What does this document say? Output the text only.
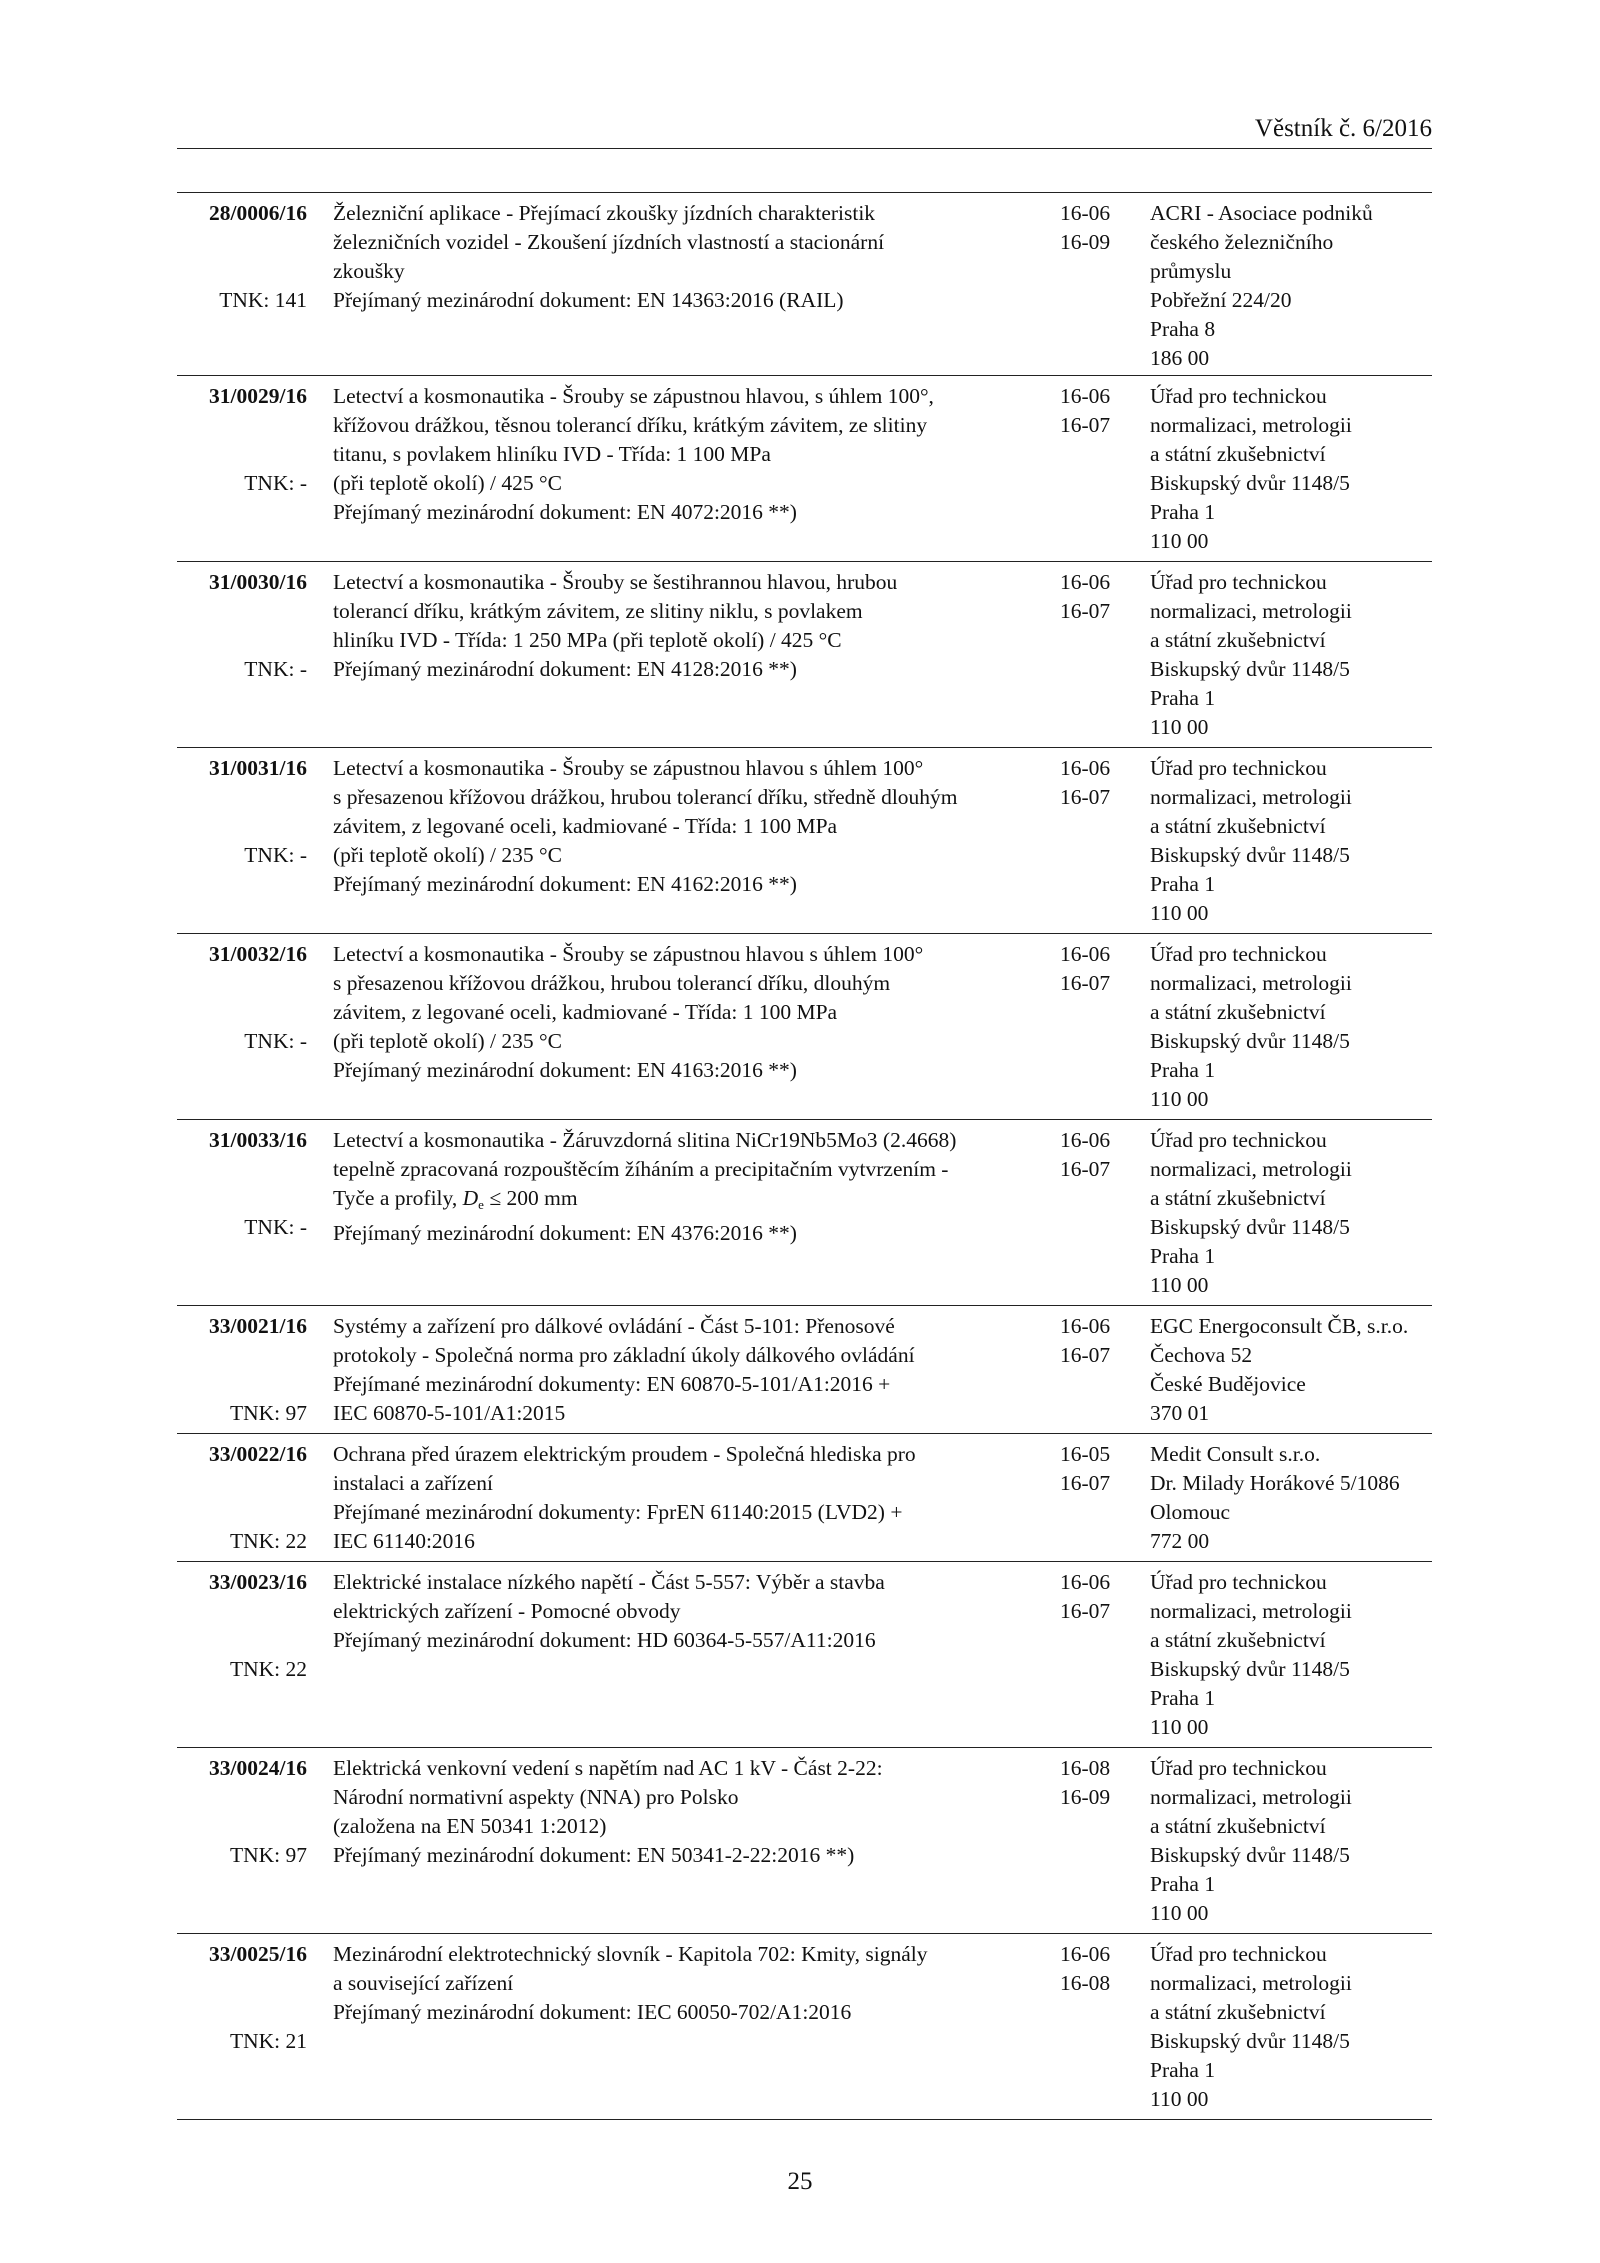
Věstník č. 6/2016
28/0006/16
TNK: 141
Železniční aplikace - Přejímací zkoušky jízdních charakteristik
železničních vozidel - Zkoušení jízdních vlastností a stacionární
zkoušky
Přejímaný mezinárodní dokument: EN 14363:2016 (RAIL)
16-06
16-09
ACRI - Asociace podniků
českého železničního
průmyslu
Pobřežní 224/20
Praha 8
186 00
31/0029/16
TNK: -
Letectví a kosmonautika - Šrouby se zápustnou hlavou, s úhlem 100°,
křížovou drážkou, těsnou tolerancí dříku, krátkým závitem, ze slitiny
titanu, s povlakem hliníku IVD - Třída: 1 100 MPa
(při teplotě okolí) / 425 °C
Přejímaný mezinárodní dokument: EN 4072:2016 **)
16-06
16-07
Úřad pro technickou
normalizaci, metrologii
a státní zkušebnictví
Biskupský dvůr 1148/5
Praha 1
110 00
31/0030/16
TNK: -
Letectví a kosmonautika - Šrouby se šestihrannou hlavou, hrubou
tolerancí dříku, krátkým závitem, ze slitiny niklu, s povlakem
hliníku IVD - Třída: 1 250 MPa (při teplotě okolí) / 425 °C
Přejímaný mezinárodní dokument: EN 4128:2016 **)
16-06
16-07
Úřad pro technickou
normalizaci, metrologii
a státní zkušebnictví
Biskupský dvůr 1148/5
Praha 1
110 00
31/0031/16
TNK: -
Letectví a kosmonautika - Šrouby se zápustnou hlavou s úhlem 100°
s přesazenou křížovou drážkou, hrubou tolerancí dříku, středně dlouhým
závitem, z legované oceli, kadmiované - Třída: 1 100 MPa
(při teplotě okolí) / 235 °C
Přejímaný mezinárodní dokument: EN 4162:2016 **)
16-06
16-07
Úřad pro technickou
normalizaci, metrologii
a státní zkušebnictví
Biskupský dvůr 1148/5
Praha 1
110 00
31/0032/16
TNK: -
Letectví a kosmonautika - Šrouby se zápustnou hlavou s úhlem 100°
s přesazenou křížovou drážkou, hrubou tolerancí dříku, dlouhým
závitem, z legované oceli, kadmiované - Třída: 1 100 MPa
(při teplotě okolí) / 235 °C
Přejímaný mezinárodní dokument: EN 4163:2016 **)
16-06
16-07
Úřad pro technickou
normalizaci, metrologii
a státní zkušebnictví
Biskupský dvůr 1148/5
Praha 1
110 00
31/0033/16
TNK: -
Letectví a kosmonautika - Žáruvzdorná slitina NiCr19Nb5Mo3 (2.4668)
tepelně zpracovaná rozpouštěcím žíháním a precipitačním vytvrzením -
Tyče a profily, $D_e \le 200$ mm
Přejímaný mezinárodní dokument: EN 4376:2016 **)
16-06
16-07
Úřad pro technickou
normalizaci, metrologii
a státní zkušebnictví
Biskupský dvůr 1148/5
Praha 1
110 00
33/0021/16
TNK: 97
Systémy a zařízení pro dálkové ovládání - Část 5-101: Přenosové
protokoly - Společná norma pro základní úkoly dálkového ovládání
Přejímané mezinárodní dokumenty: EN 60870-5-101/A1:2016 +
IEC 60870-5-101/A1:2015
16-06
16-07
EGC Energoconsult ČB, s.r.o.
Čechova 52
České Budějovice
370 01
33/0022/16
TNK: 22
Ochrana před úrazem elektrickým proudem - Společná hlediska pro
instalaci a zařízení
Přejímané mezinárodní dokumenty: FprEN 61140:2015 (LVD2) +
IEC 61140:2016
16-05
16-07
Medit Consult s.r.o.
Dr. Milady Horákové 5/1086
Olomouc
772 00
33/0023/16
TNK: 22
Elektrické instalace nízkého napětí - Část 5-557: Výběr a stavba
elektrických zařízení - Pomocné obvody
Přejímaný mezinárodní dokument: HD 60364-5-557/A11:2016
16-06
16-07
Úřad pro technickou
normalizaci, metrologii
a státní zkušebnictví
Biskupský dvůr 1148/5
Praha 1
110 00
33/0024/16
TNK: 97
Elektrická venkovní vedení s napětím nad AC 1 kV - Část 2-22:
Národní normativní aspekty (NNA) pro Polsko
(založena na EN 50341 1:2012)
Přejímaný mezinárodní dokument: EN 50341-2-22:2016 **)
16-08
16-09
Úřad pro technickou
normalizaci, metrologii
a státní zkušebnictví
Biskupský dvůr 1148/5
Praha 1
110 00
33/0025/16
TNK: 21
Mezinárodní elektrotechnický slovník - Kapitola 702: Kmity, signály
a související zařízení
Přejímaný mezinárodní dokument: IEC 60050-702/A1:2016
16-06
16-08
Úřad pro technickou
normalizaci, metrologii
a státní zkušebnictví
Biskupský dvůr 1148/5
Praha 1
110 00
25
